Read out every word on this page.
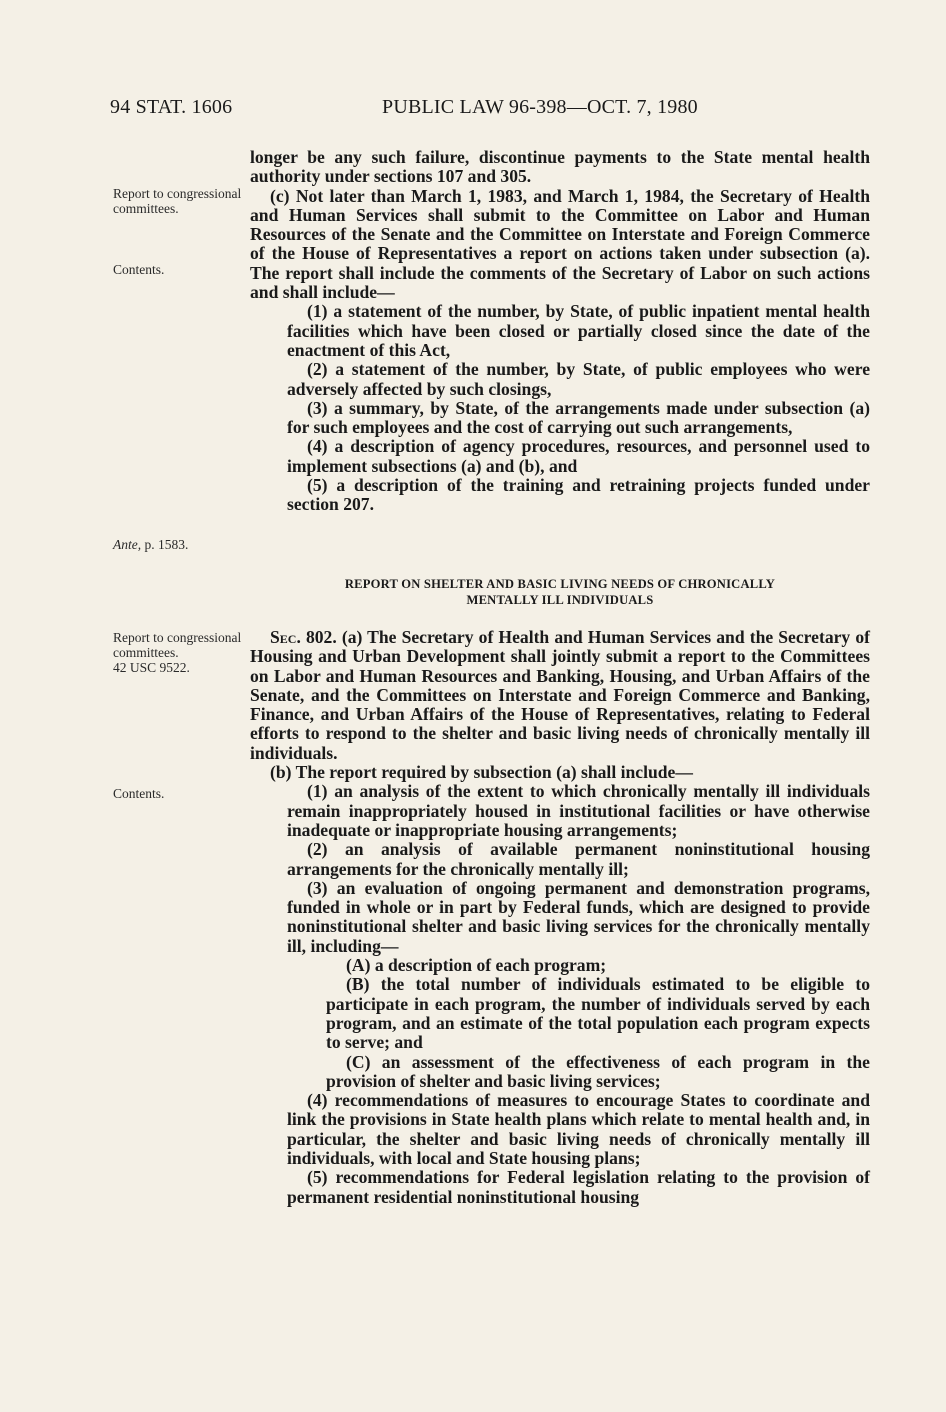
94 STAT. 1606	PUBLIC LAW 96-398—OCT. 7, 1980
Report to congressional committees.
Contents.
Ante, p. 1583.
Report to congressional committees.
42 USC 9522.
Contents.

longer be any such failure, discontinue payments to the State mental health authority under sections 107 and 305.

(c) Not later than March 1, 1983, and March 1, 1984, the Secretary of Health and Human Services shall submit to the Committee on Labor and Human Resources of the Senate and the Committee on Interstate and Foreign Commerce of the House of Representatives a report on actions taken under subsection (a). The report shall include the comments of the Secretary of Labor on such actions and shall include—

(1) a statement of the number, by State, of public inpatient mental health facilities which have been closed or partially closed since the date of the enactment of this Act,

(2) a statement of the number, by State, of public employees who were adversely affected by such closings,

(3) a summary, by State, of the arrangements made under subsection (a) for such employees and the cost of carrying out such arrangements,

(4) a description of agency procedures, resources, and personnel used to implement subsections (a) and (b), and

(5) a description of the training and retraining projects funded under section 207.

REPORT ON SHELTER AND BASIC LIVING NEEDS OF CHRONICALLY
MENTALLY ILL INDIVIDUALS

Sec. 802. (a) The Secretary of Health and Human Services and the Secretary of Housing and Urban Development shall jointly submit a report to the Committees on Labor and Human Resources and Banking, Housing, and Urban Affairs of the Senate, and the Committees on Interstate and Foreign Commerce and Banking, Finance, and Urban Affairs of the House of Representatives, relating to Federal efforts to respond to the shelter and basic living needs of chronically mentally ill individuals.

(b) The report required by subsection (a) shall include—

(1) an analysis of the extent to which chronically mentally ill individuals remain inappropriately housed in institutional facilities or have otherwise inadequate or inappropriate housing arrangements;

(2) an analysis of available permanent noninstitutional housing arrangements for the chronically mentally ill;

(3) an evaluation of ongoing permanent and demonstration programs, funded in whole or in part by Federal funds, which are designed to provide noninstitutional shelter and basic living services for the chronically mentally ill, including—

(A) a description of each program;

(B) the total number of individuals estimated to be eligible to participate in each program, the number of individuals served by each program, and an estimate of the total population each program expects to serve; and

(C) an assessment of the effectiveness of each program in the provision of shelter and basic living services;

(4) recommendations of measures to encourage States to coordinate and link the provisions in State health plans which relate to mental health and, in particular, the shelter and basic living needs of chronically mentally ill individuals, with local and State housing plans;

(5) recommendations for Federal legislation relating to the provision of permanent residential noninstitutional housing
